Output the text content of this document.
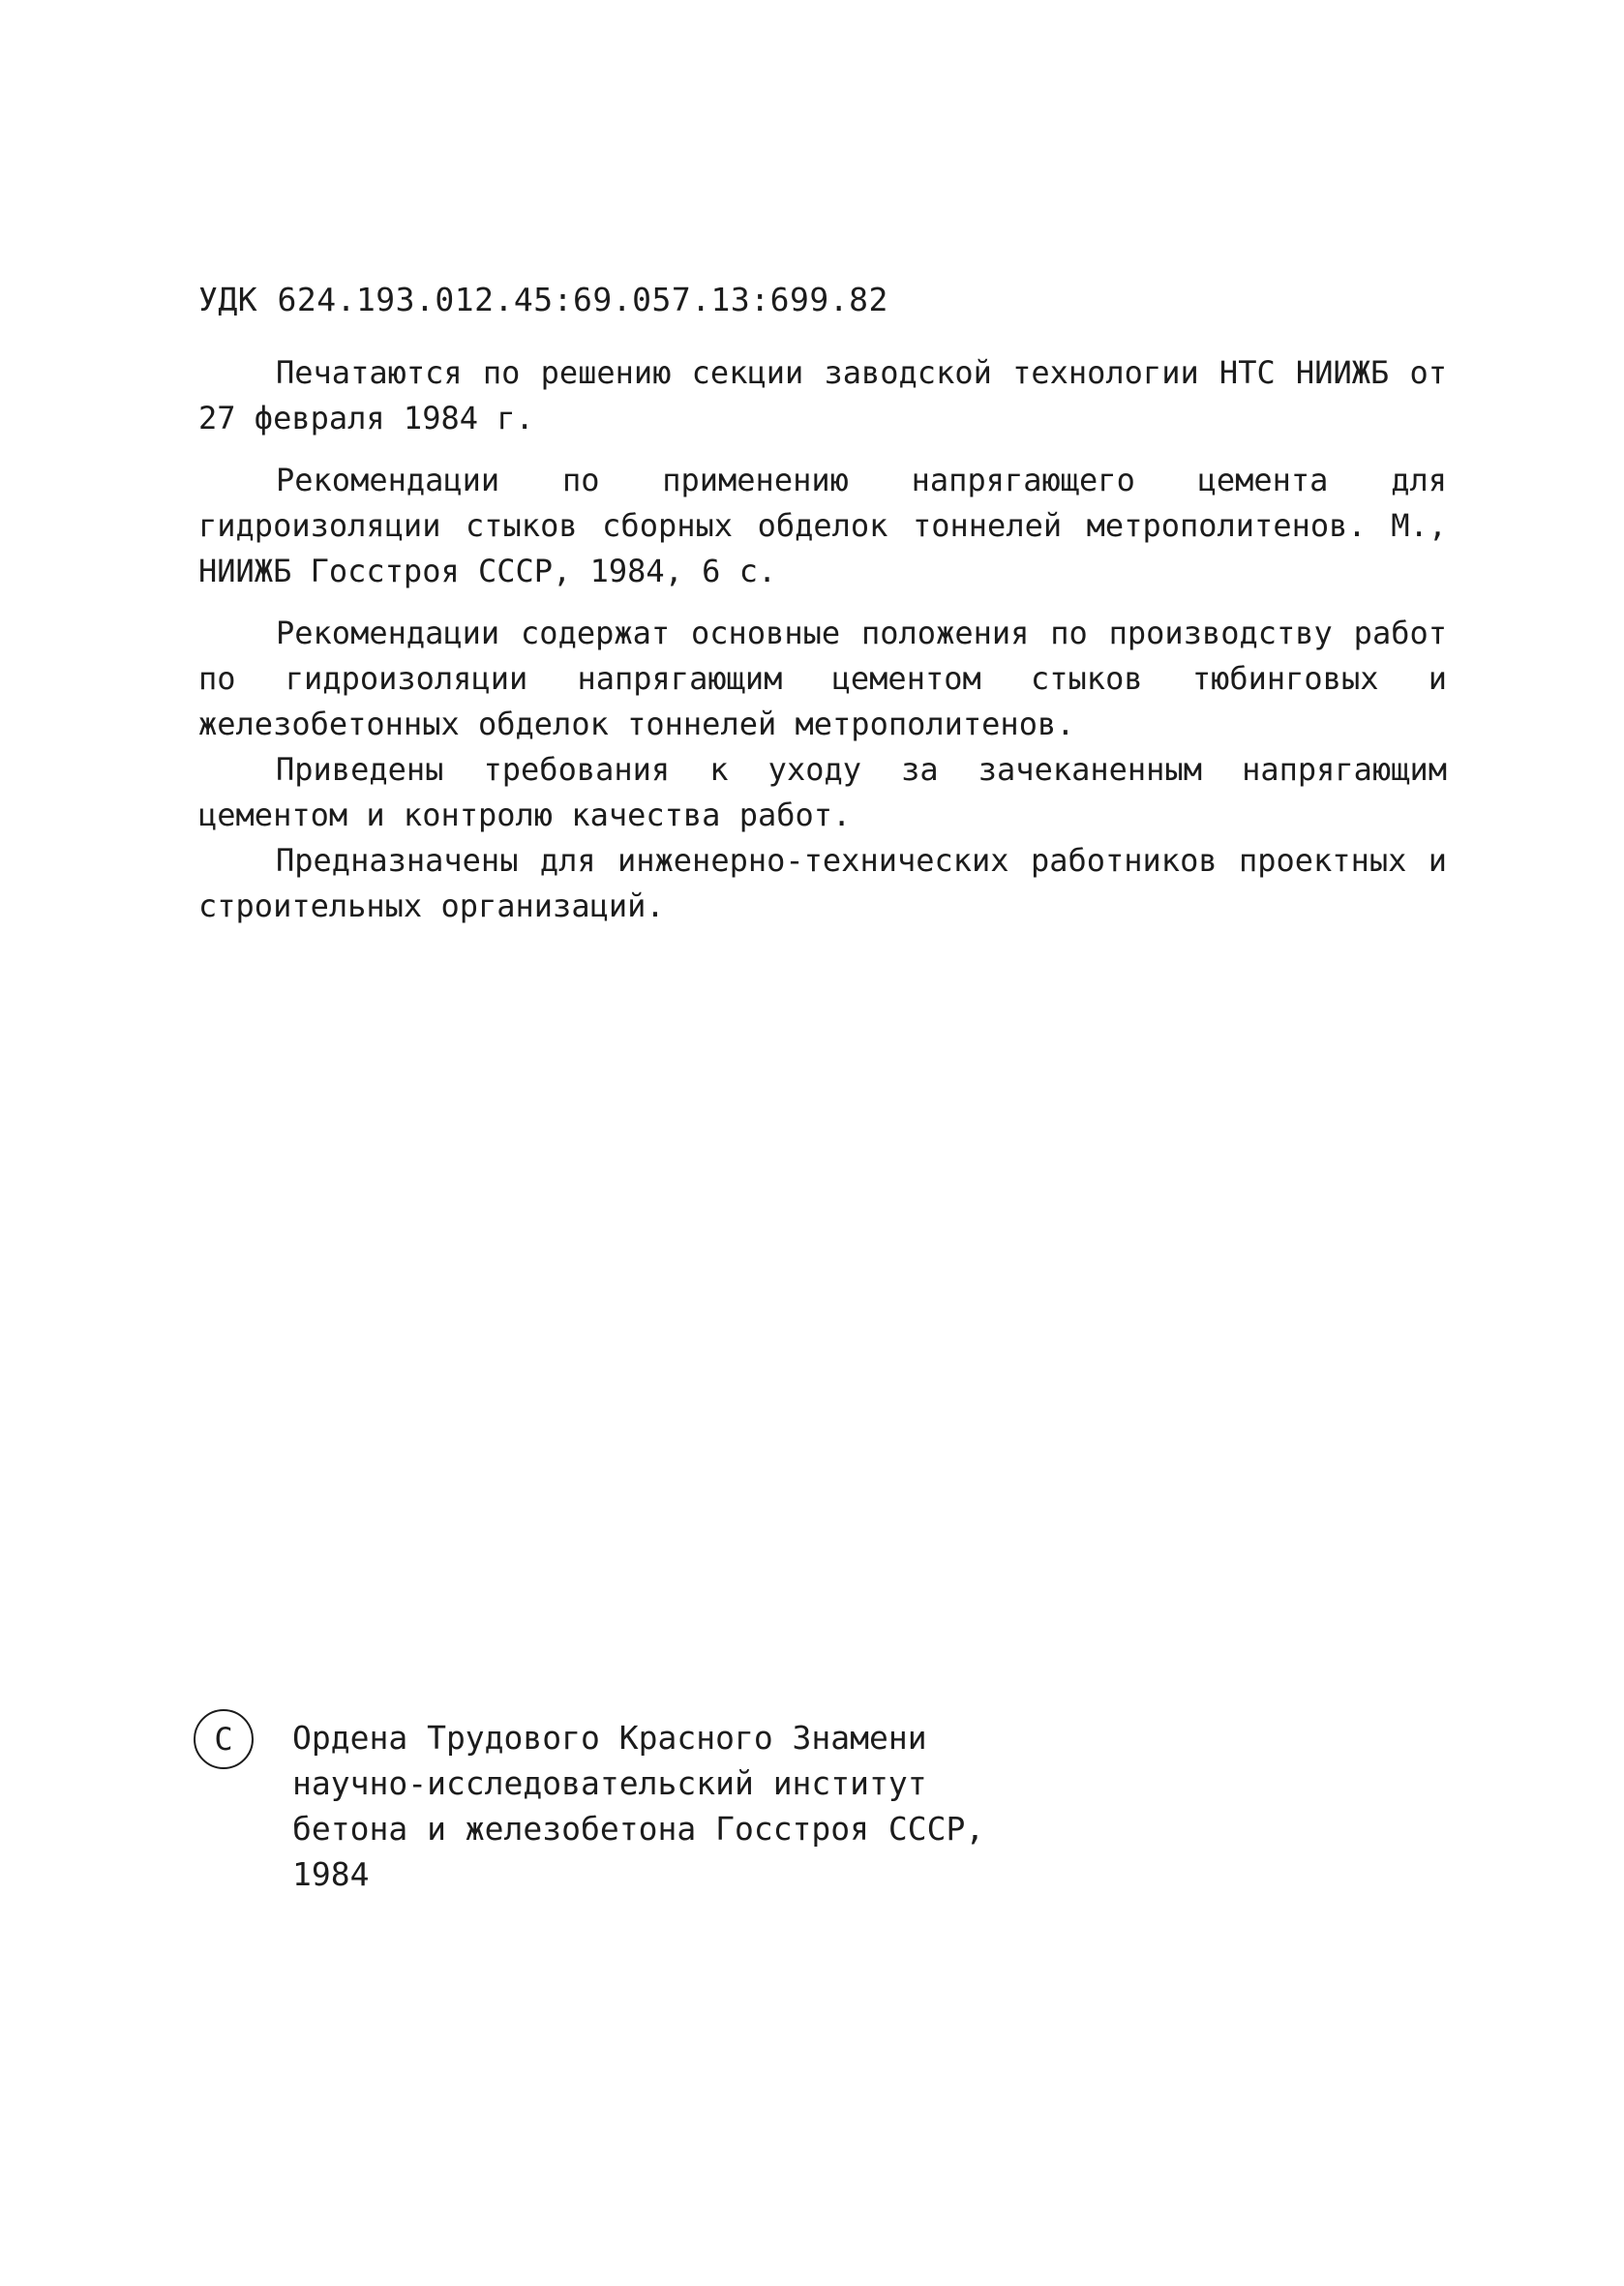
УДК 624.193.012.45:69.057.13:699.82

Печатаются по решению секции заводской технологии НТС НИИЖБ от 27 февраля 1984 г.

Рекомендации по применению напрягающего цемента для гидроизоляции стыков сборных обделок тоннелей метрополитенов. М., НИИЖБ Госстроя СССР, 1984, 6 с.

Рекомендации содержат основные положения по производству работ по гидроизоляции напрягающим цементом стыков тюбинговых и железобетонных обделок тоннелей метрополитенов.

Приведены требования к уходу за зачеканенным напрягающим цементом и контролю качества работ.

Предназначены для инженерно-технических работников проектных и строительных организаций.

С Ордена Трудового Красного Знамени
научно-исследовательский институт
бетона и железобетона Госстроя СССР,
1984
